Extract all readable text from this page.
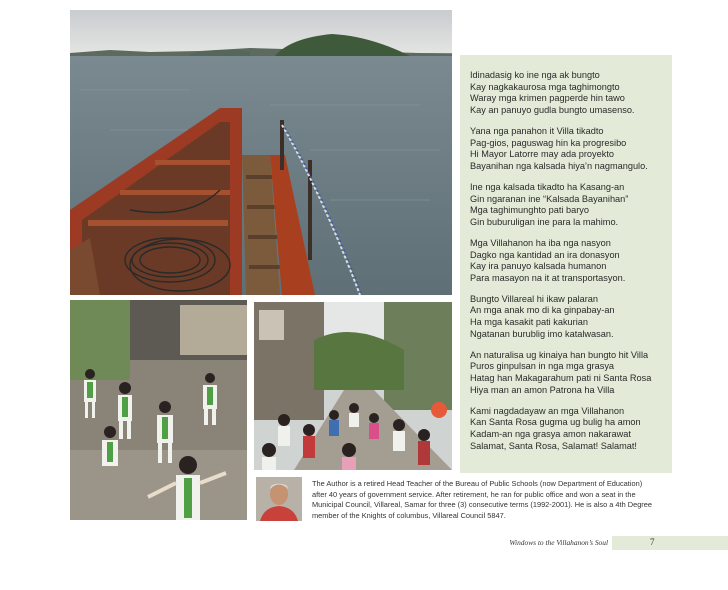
Idinadasig ko ine nga ak bungto
Kay nagkakaurosa mga taghimongto
Waray mga krimen pagperde hin tawo
Kay an panuyo gudla bungto umasenso.
Yana nga panahon it Villa tikadto
Pag-gios, paguswag hin ka progresibo
Hi Mayor Latorre may ada proyekto
Bayanihan nga kalsada hiya’n nagmangulo.
Ine nga kalsada tikadto ha Kasang-an
Gin ngaranan ine “Kalsada Bayanihan”
Mga taghimunghto pati baryo
Gin buburuligan ine para la mahimo.
Mga Villahanon ha iba nga nasyon
Dagko nga kantidad an ira donasyon
Kay ira panuyo kalsada humanon
Para masayon na it at transportasyon.
Bungto Villareal hi ikaw palaran
An mga anak mo di ka ginpabay-an
Ha mga kasakit pati kakurian
Ngatanan burublig imo katalwasan.
An naturalisa ug kinaiya han bungto hit Villa
Puros ginpulsan in nga mga grasya
Hatag han Makagarahum pati ni Santa Rosa
Hiya man an amon Patrona ha Villa
Kami nagdadayaw an mga Villahanon
Kan Santa Rosa gugma ug bulig ha amon
Kadam-an nga grasya amon nakarawat
Salamat, Santa Rosa, Salamat! Salamat!
The Author is a retired Head Teacher of the Bureau of Public Schools (now Department of Education) after 40 years of government service. After retirement, he ran for public office and won a seat in the Municipal Council, Villareal, Samar for three (3) consecutive terms (1992-2001). He is also a 4th Degree member of the Knights of columbus, Villareal Council 5847.
Windows to the Villahanon’s Soul	7
